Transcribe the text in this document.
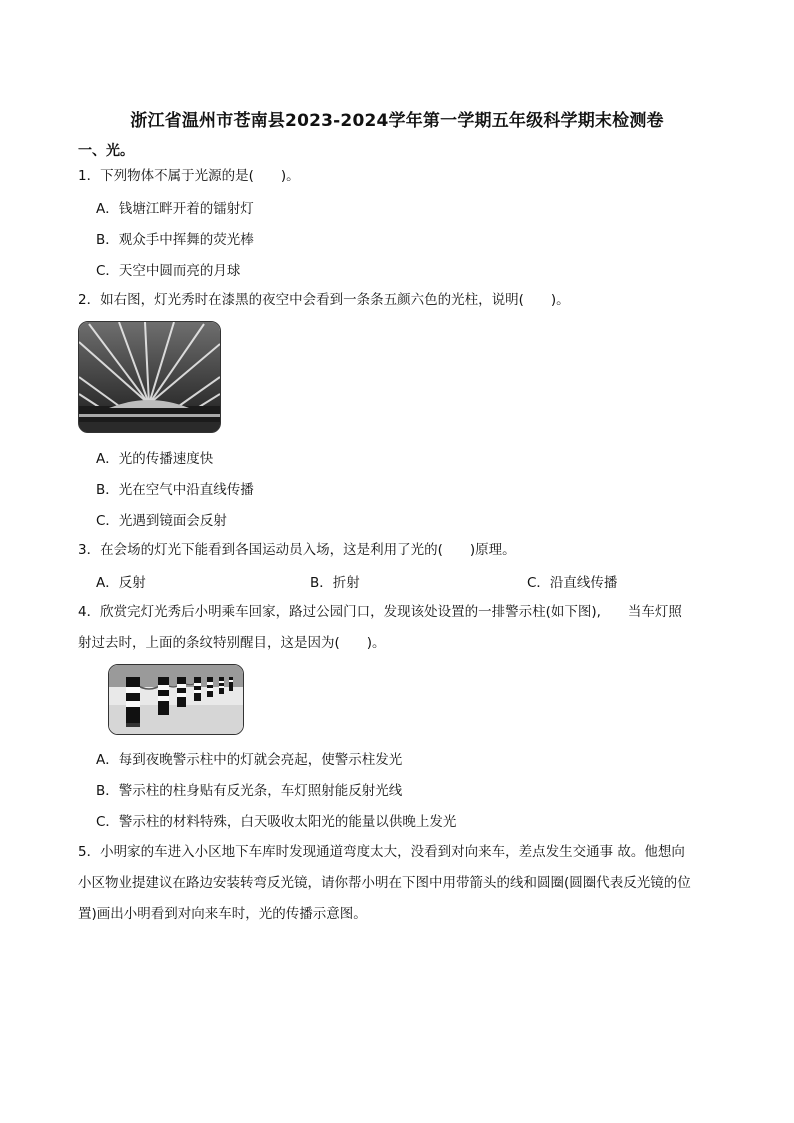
浙江省温州市苍南县2023-2024学年第一学期五年级科学期末检测卷
一、光。
1．下列物体不属于光源的是(　　)。
A．钱塘江畔开着的镭射灯
B．观众手中挥舞的荧光棒
C．天空中圆而亮的月球
2．如右图，灯光秀时在漆黑的夜空中会看到一条条五颜六色的光柱，说明(　　)。
A．光的传播速度快
B．光在空气中沿直线传播
C．光遇到镜面会反射
3．在会场的灯光下能看到各国运动员入场，这是利用了光的(　　)原理。
A．反射	B．折射	C．沿直线传播
4．欣赏完灯光秀后小明乘车回家，路过公园门口，发现该处设置的一排警示柱(如下图),　　当车灯照
射过去时，上面的条纹特别醒目，这是因为(　　)。
A．每到夜晚警示柱中的灯就会亮起，使警示柱发光
B．警示柱的柱身贴有反光条，车灯照射能反射光线
C．警示柱的材料特殊，白天吸收太阳光的能量以供晚上发光
5．小明家的车进入小区地下车库时发现通道弯度太大，没看到对向来车，差点发生交通事 故。他想向
小区物业提建议在路边安装转弯反光镜，请你帮小明在下图中用带箭头的线和圆圈(圆圈代表反光镜的位
置)画出小明看到对向来车时，光的传播示意图。
